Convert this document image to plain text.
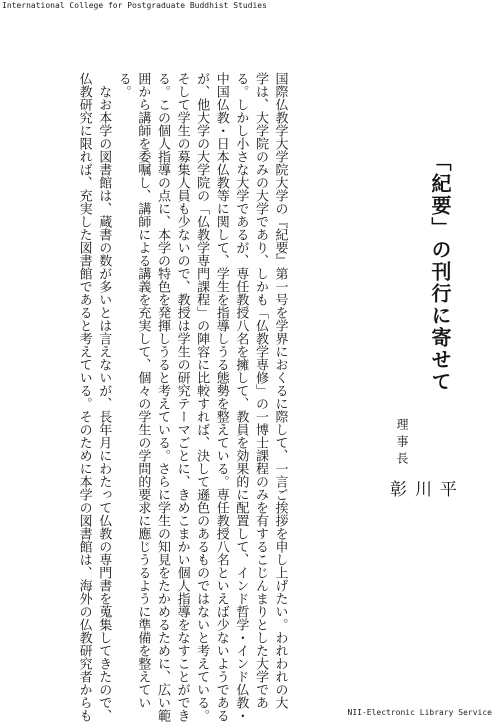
International College for Postgraduate Buddhist Studies
「紀要」の刊行に寄せて
理事長
平
川
彰
国際仏教学大学院大学の『紀要』第一号を学界におくるに際して、一言ご挨拶を申し上げたい。われわれの大
学は、大学院のみの大学であり、しかも「仏教学専修」の一博士課程のみを有するこじんまりとした大学であ
る。しかし小さな大学であるが、専任教授八名を擁して、教員を効果的に配置して、インド哲学・インド仏教・
中国仏教・日本仏教等に関して、学生を指導しうる態勢を整えている。専任教授八名といえば少ないようである
が、他大学の大学院の「仏教学専門課程」の陣容に比較すれば、決して遜色のあるものではないと考えている。
そして学生の募集人員も少ないので、教授は学生の研究テーマごとに、きめこまかい個人指導をなすことができ
る。この個人指導の点に、本学の特色を発揮しうると考えている。さらに学生の知見をたかめるために、広い範
囲から講師を委嘱し、講師による講義を充実して、個々の学生の学問的要求に應じうるように準備を整えてい
る。
　なお本学の図書館は、蔵書の数が多いとは言えないが、長年月にわたって仏教の専門書を蒐集してきたので、
仏教研究に限れば、充実した図書館であると考えている。そのために本学の図書館は、海外の仏教研究者からも	NII-Electronic Library Service
